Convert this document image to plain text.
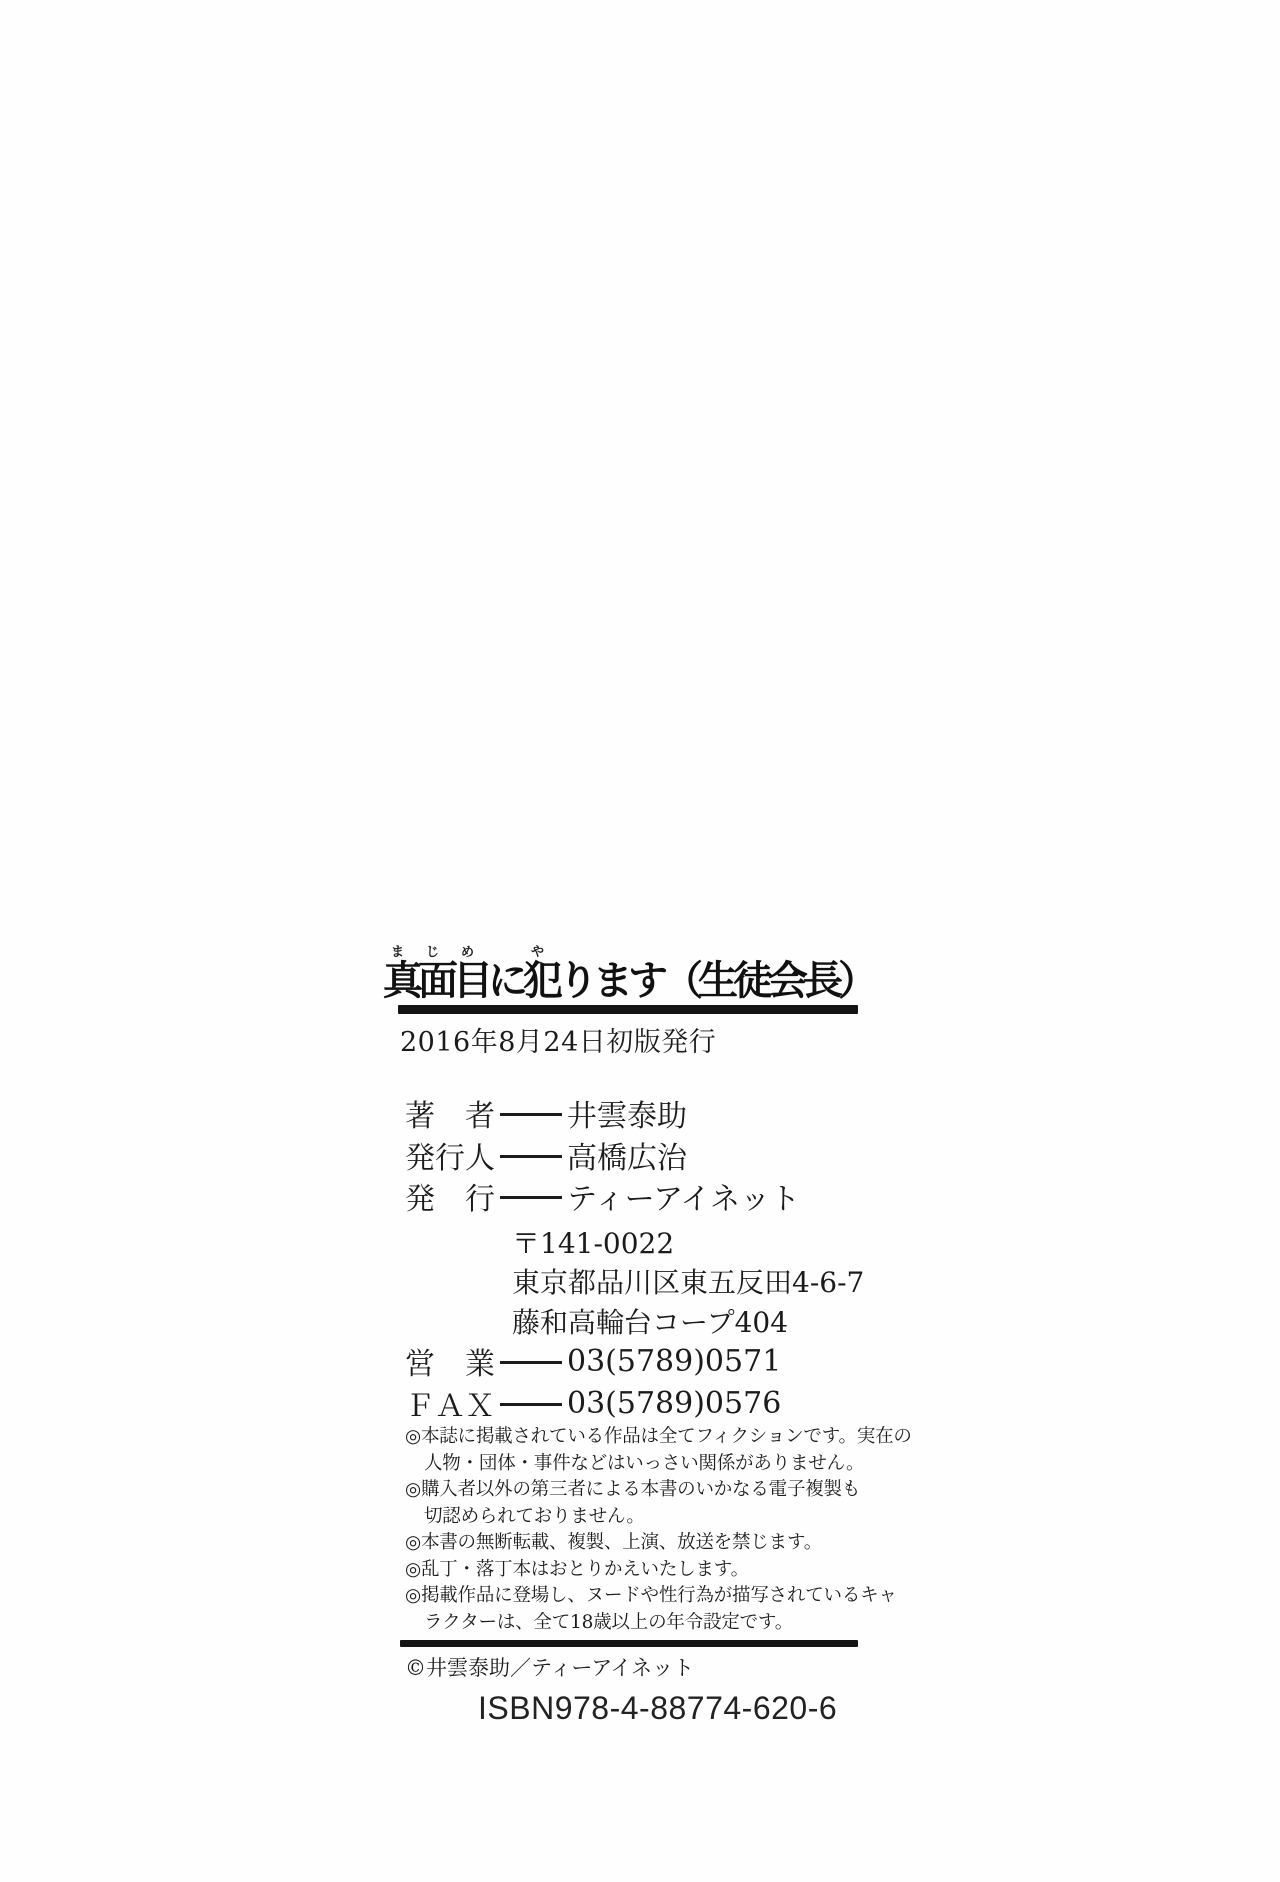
真面目まじめに犯やります（生徒会長）
2016年8月24日初版発行
著　者 井雲泰助
発行人 高橋広治
発　行 ティーアイネット
〒141-0022
東京都品川区東五反田4-6-7
藤和高輪台コープ404
営　業 03(5789)0571
ＦＡＸ 03(5789)0576
◎本誌に掲載されている作品は全てフィクションです。実在の
人物・団体・事件などはいっさい関係がありません。
◎購入者以外の第三者による本書のいかなる電子複製も
切認められておりません。
◎本書の無断転載、複製、上演、放送を禁じます。
◎乱丁・落丁本はおとりかえいたします。
◎掲載作品に登場し、ヌードや性行為が描写されているキャ
ラクターは、全て18歳以上の年令設定です。
©井雲泰助／ティーアイネット
ISBN978-4-88774-620-6
